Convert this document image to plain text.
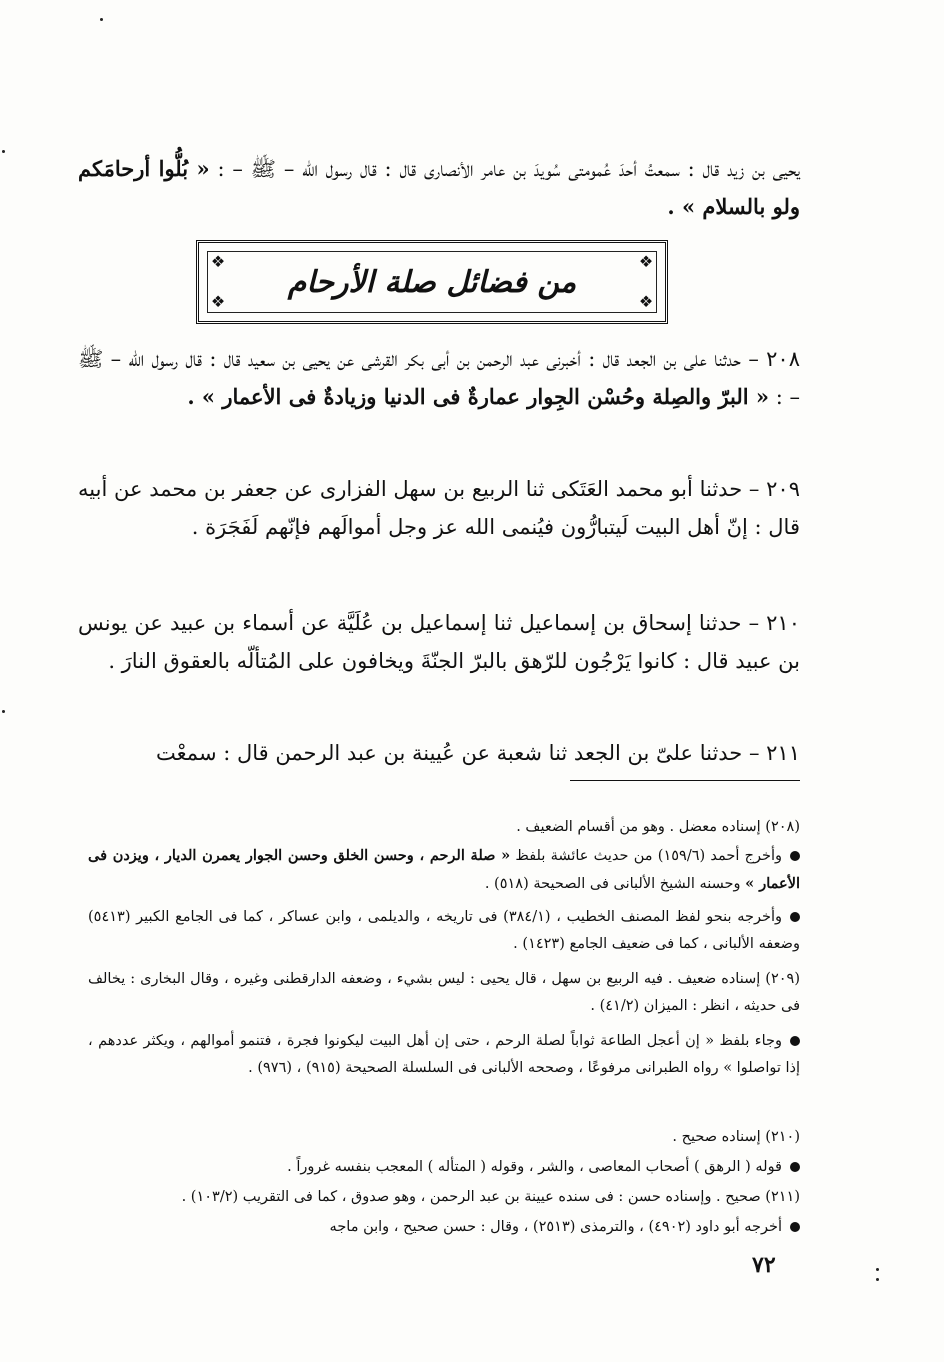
يحيى بن زيد قال : سمعتُ أحدَ عُمومتى سُويدَ بن عامر الأنصارى قال : قال رسول الله – ﷺ – : « بُلُّوا أرحامَكم ولو بالسلام » .
❖	❖
❖	❖
من فضائل صلة الأرحام
٢٠٨ – حدثنا على بن الجعد قال : أخبرنى عبد الرحمن بن أبى بكر القرشى عن يحيى بن سعيد قال : قال رسول الله – ﷺ – : « البرّ والصِلة وحُسْن الجِوار عمارةٌ فى الدنيا وزيادةٌ فى الأعمار » .
٢٠٩ – حدثنا أبو محمد العَتَكى ثنا الربيع بن سهل الفزارى عن جعفر بن محمد عن أبيه قال : إنّ أهل البيت لَيتبارُّون فيُنمى الله عز وجل أموالَهم فإنّهم لَفَجَرَة .
٢١٠ – حدثنا إسحاق بن إسماعيل ثنا إسماعيل بن عُلَيَّة عن أسماء بن عبيد عن يونس بن عبيد قال : كانوا يَرْجُون للرّهق بالبرّ الجنّةَ ويخافون على المُتألّه بالعقوق النارَ .
٢١١ – حدثنا علىّ بن الجعد ثنا شعبة عن عُيينة بن عبد الرحمن قال : سمعْت
(٢٠٨) إسناده معضل . وهو من أقسام الضعيف .
وأخرج أحمد (١٥٩/٦) من حديث عائشة بلفظ « صلة الرحم ، وحسن الخلق وحسن الجوار يعمرن الديار ، ويزدن فى الأعمار » وحسنه الشيخ الألبانى فى الصحيحة (٥١٨) .
وأخرجه بنحو لفظ المصنف الخطيب ، (٣٨٤/١) فى تاريخه ، والديلمى ، وابن عساكر ، كما فى الجامع الكبير (٥٤١٣) وضعفه الألبانى ، كما فى ضعيف الجامع (١٤٢٣) .
(٢٠٩) إسناده ضعيف . فيه الربيع بن سهل ، قال يحيى : ليس بشيء ، وضعفه الدارقطنى وغيره ، وقال البخارى : يخالف فى حديثه ، انظر : الميزان (٤١/٢) .
وجاء بلفظ « إن أعجل الطاعة ثواباً لصلة الرحم ، حتى إن أهل البيت ليكونوا فجرة ، فتنمو أموالهم ، ويكثر عددهم ، إذا تواصلوا » رواه الطبرانى مرفوعًا ، وصححه الألبانى فى السلسلة الصحيحة (٩١٥) ، (٩٧٦) .
(٢١٠) إسناده صحيح .
قوله ( الرهق ) أصحاب المعاصى ، والشر ، وقوله ( المتأله ) المعجب بنفسه غروراً .
(٢١١) صحيح . وإسناده حسن : فى سنده عيينة بن عبد الرحمن ، وهو صدوق ، كما فى التقريب (١٠٣/٢) .
أخرجه أبو داود (٤٩٠٢) ، والترمذى (٢٥١٣) ، وقال : حسن صحيح ، وابن ماجه
٧٢
